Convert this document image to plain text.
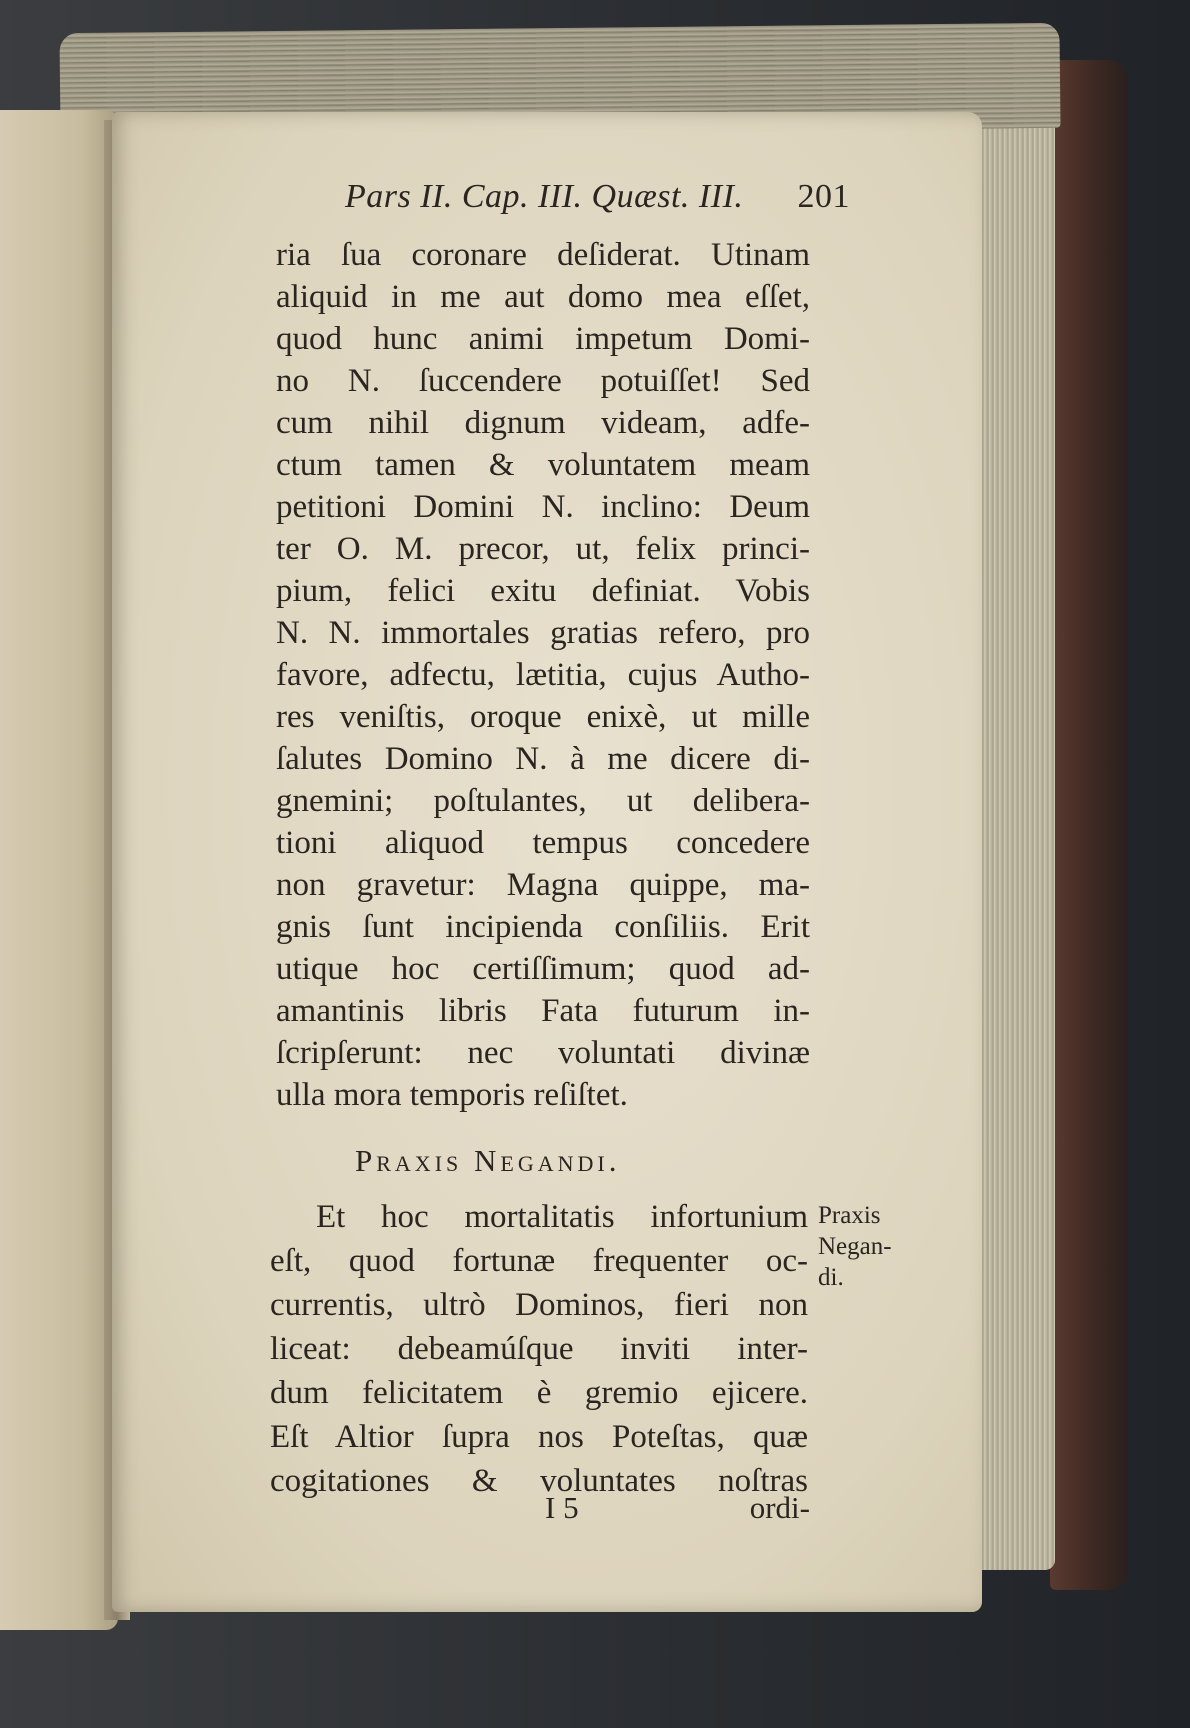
Pars II. Cap. III. Quæst. III. 201
ria ſua coronare deſiderat. Utinam
aliquid in me aut domo mea eſſet,
quod hunc animi impetum Domi-
no N. ſuccendere potuiſſet! Sed
cum nihil dignum videam, adfe-
ctum tamen & voluntatem meam
petitioni Domini N. inclino: Deum
ter O. M. precor, ut, felix princi-
pium, felici exitu definiat. Vobis
N. N. immortales gratias refero, pro
favore, adfectu, lætitia, cujus Autho-
res veniſtis, oroque enixè, ut mille
ſalutes Domino N. à me dicere di-
gnemini; poſtulantes, ut delibera-
tioni aliquod tempus concedere
non gravetur: Magna quippe, ma-
gnis ſunt incipienda conſiliis. Erit
utique hoc certiſſimum; quod ad-
amantinis libris Fata futurum in-
ſcripſerunt: nec voluntati divinæ
ulla mora temporis reſiſtet.
Praxis Negandi.
Et hoc mortalitatis infortunium
eſt, quod fortunæ frequenter oc-
currentis, ultrò Dominos, fieri non
liceat: debeamúſque inviti inter-
dum felicitatem è gremio ejicere.
Eſt Altior ſupra nos Poteſtas, quæ
cogitationes & voluntates noſtras
Praxis
Negan-
di.
I 5	ordi-
